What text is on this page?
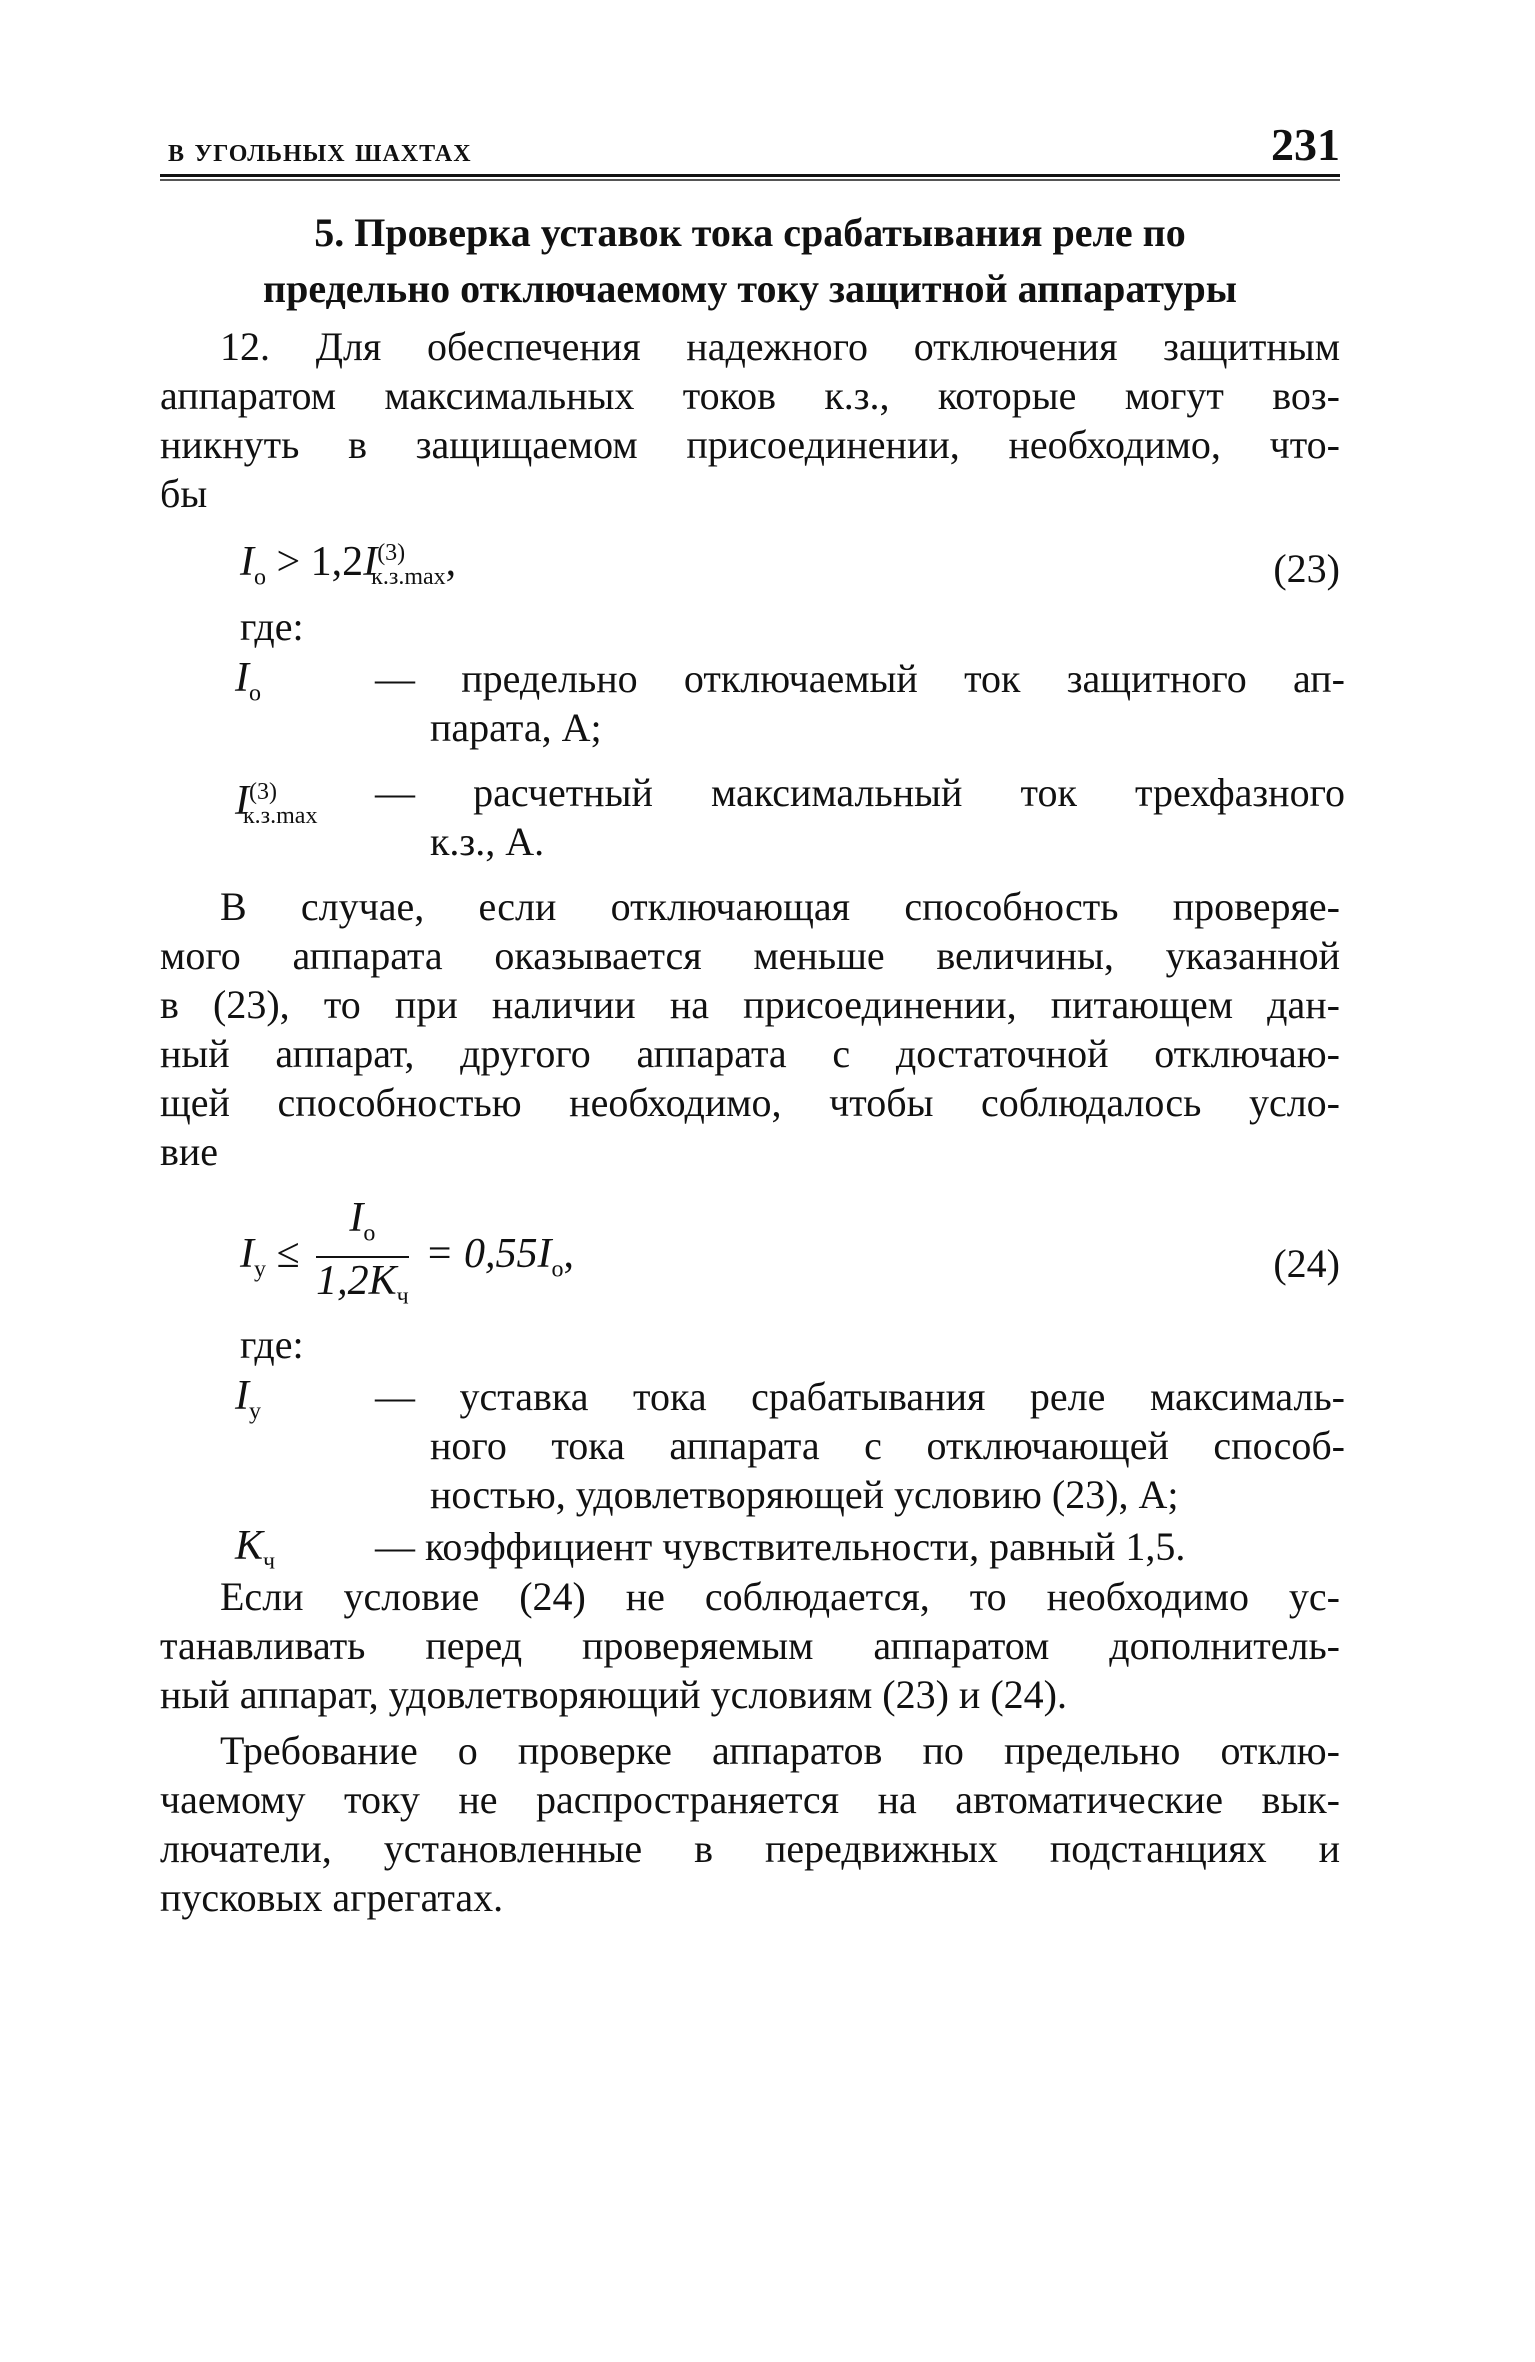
в угольных шахтах	231
5. Проверка уставок тока срабатывания реле по
предельно отключаемому току защитной аппаратуры
12. Для обеспечения надежного отключения защитным
аппаратом максимальных токов к.з., которые могут воз-
никнуть в защищаемом присоединении, необходимо, что-
бы
$I_о > 1,2I^{(3)}_{к.з.max}$,	(23)
где:
$I_о$	— предельно отключаемый ток защитного ап-
парата, А;
$I^{(3)}_{к.з.max}$
— расчетный максимальный ток трехфазного
к.з., А.
В случае, если отключающая способность проверяе-
мого аппарата оказывается меньше величины, указанной
в (23), то при наличии на присоединении, питающем дан-
ный аппарат, другого аппарата с достаточной отключаю-
щей способностью необходимо, чтобы соблюдалось усло-
вие
$I_у \le \frac{I_о}{1,2K_ч} = 0,55I_о$,	(24)
где:
$I_у$	— уставка тока срабатывания реле максималь-
ного тока аппарата с отключающей способ-
ностью, удовлетворяющей условию (23), А;
$K_ч$ — коэффициент чувствительности, равный 1,5.
Если условие (24) не соблюдается, то необходимо ус-
танавливать перед проверяемым аппаратом дополнитель-
ный аппарат, удовлетворяющий условиям (23) и (24).
Требование о проверке аппаратов по предельно отклю-
чаемому току не распространяется на автоматические вык-
лючатели, установленные в передвижных подстанциях и
пусковых агрегатах.
